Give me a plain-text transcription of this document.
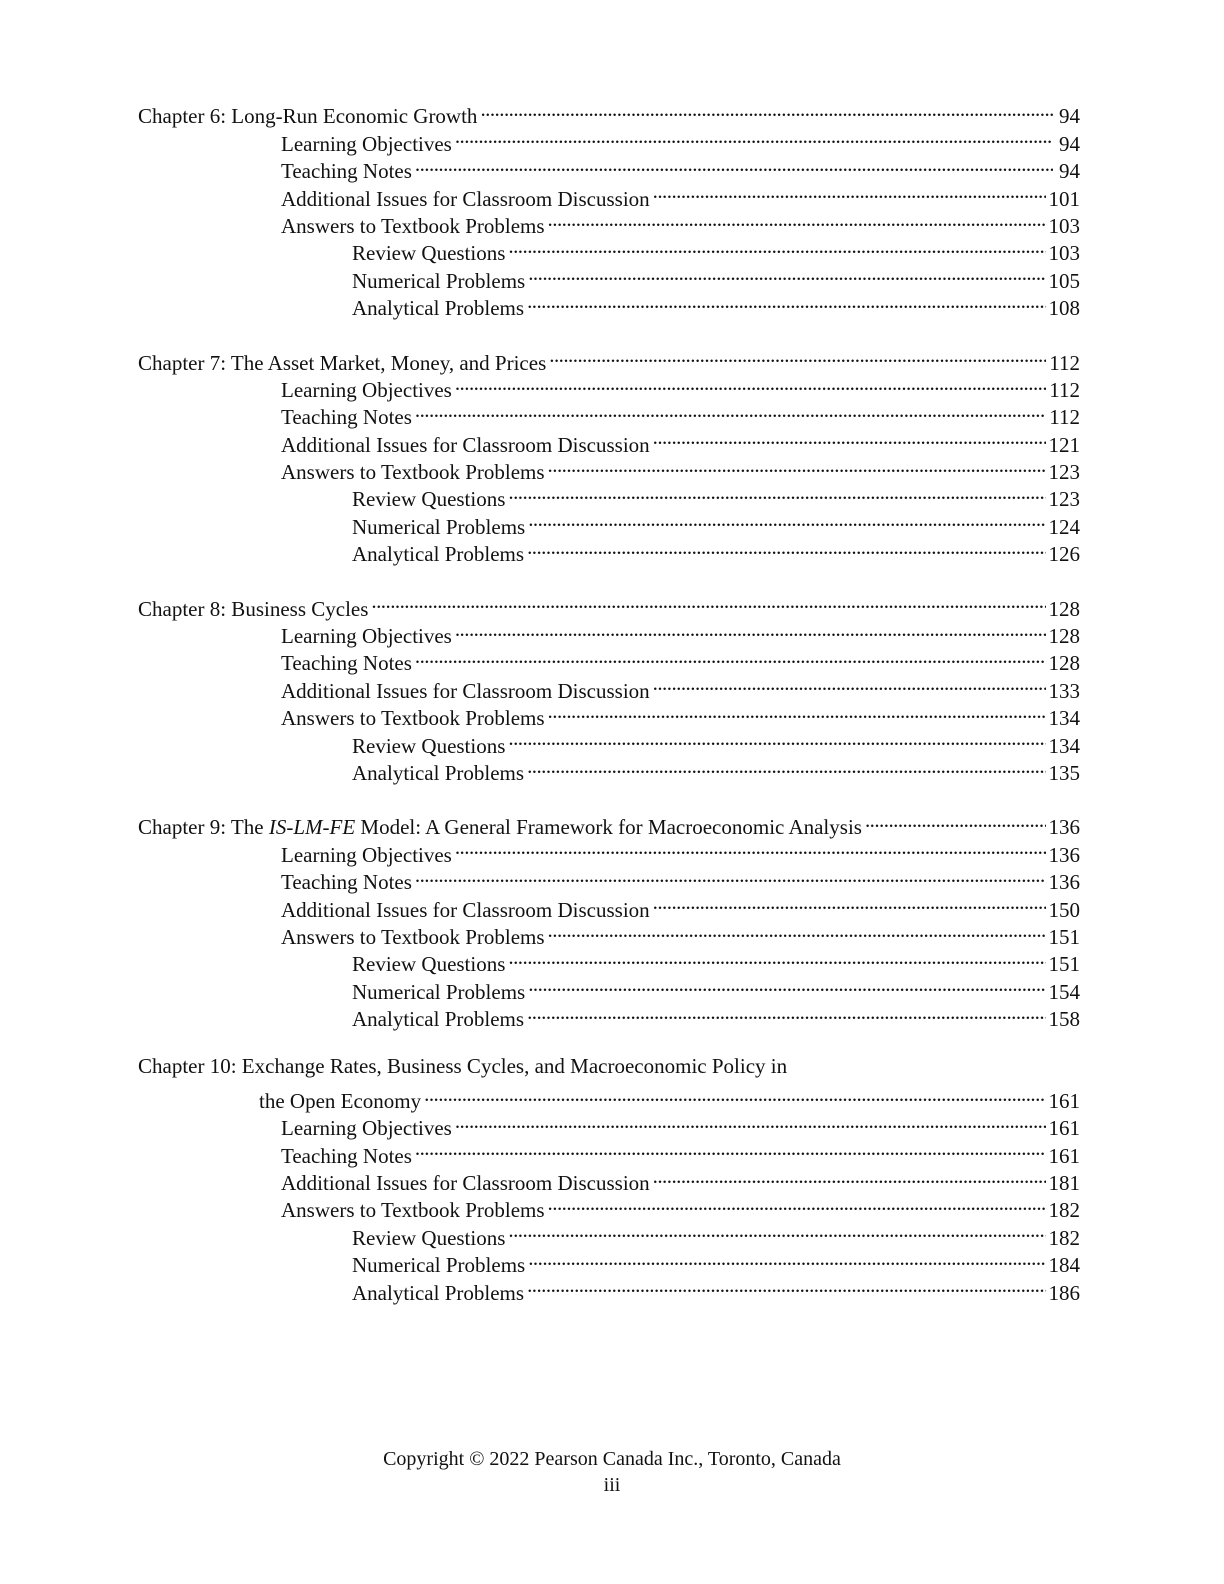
Chapter 6: Long-Run Economic Growth . . .	94
Learning Objectives . . .	94
Teaching Notes . . .	94
Additional Issues for Classroom Discussion . . .	101
Answers to Textbook Problems . . .	103
Review Questions . . .	103
Numerical Problems . . .	105
Analytical Problems . . .	108
Chapter 7: The Asset Market, Money, and Prices . . .	112
Learning Objectives . . .	112
Teaching Notes . . .	112
Additional Issues for Classroom Discussion . . .	121
Answers to Textbook Problems . . .	123
Review Questions . . .	123
Numerical Problems . . .	124
Analytical Problems . . .	126
Chapter 8: Business Cycles . . .	128
Learning Objectives . . .	128
Teaching Notes . . .	128
Additional Issues for Classroom Discussion . . .	133
Answers to Textbook Problems . . .	134
Review Questions . . .	134
Analytical Problems . . .	135
Chapter 9: The IS-LM-FE Model: A General Framework for Macroeconomic Analysis . . .	136
Learning Objectives . . .	136
Teaching Notes . . .	136
Additional Issues for Classroom Discussion . . .	150
Answers to Textbook Problems . . .	151
Review Questions . . .	151
Numerical Problems . . .	154
Analytical Problems . . .	158
Chapter 10: Exchange Rates, Business Cycles, and Macroeconomic Policy in
the Open Economy . . .	161
Learning Objectives . . .	161
Teaching Notes . . .	161
Additional Issues for Classroom Discussion . . .	181
Answers to Textbook Problems . . .	182
Review Questions . . .	182
Numerical Problems . . .	184
Analytical Problems . . .	186
Copyright © 2022 Pearson Canada Inc., Toronto, Canada
iii
